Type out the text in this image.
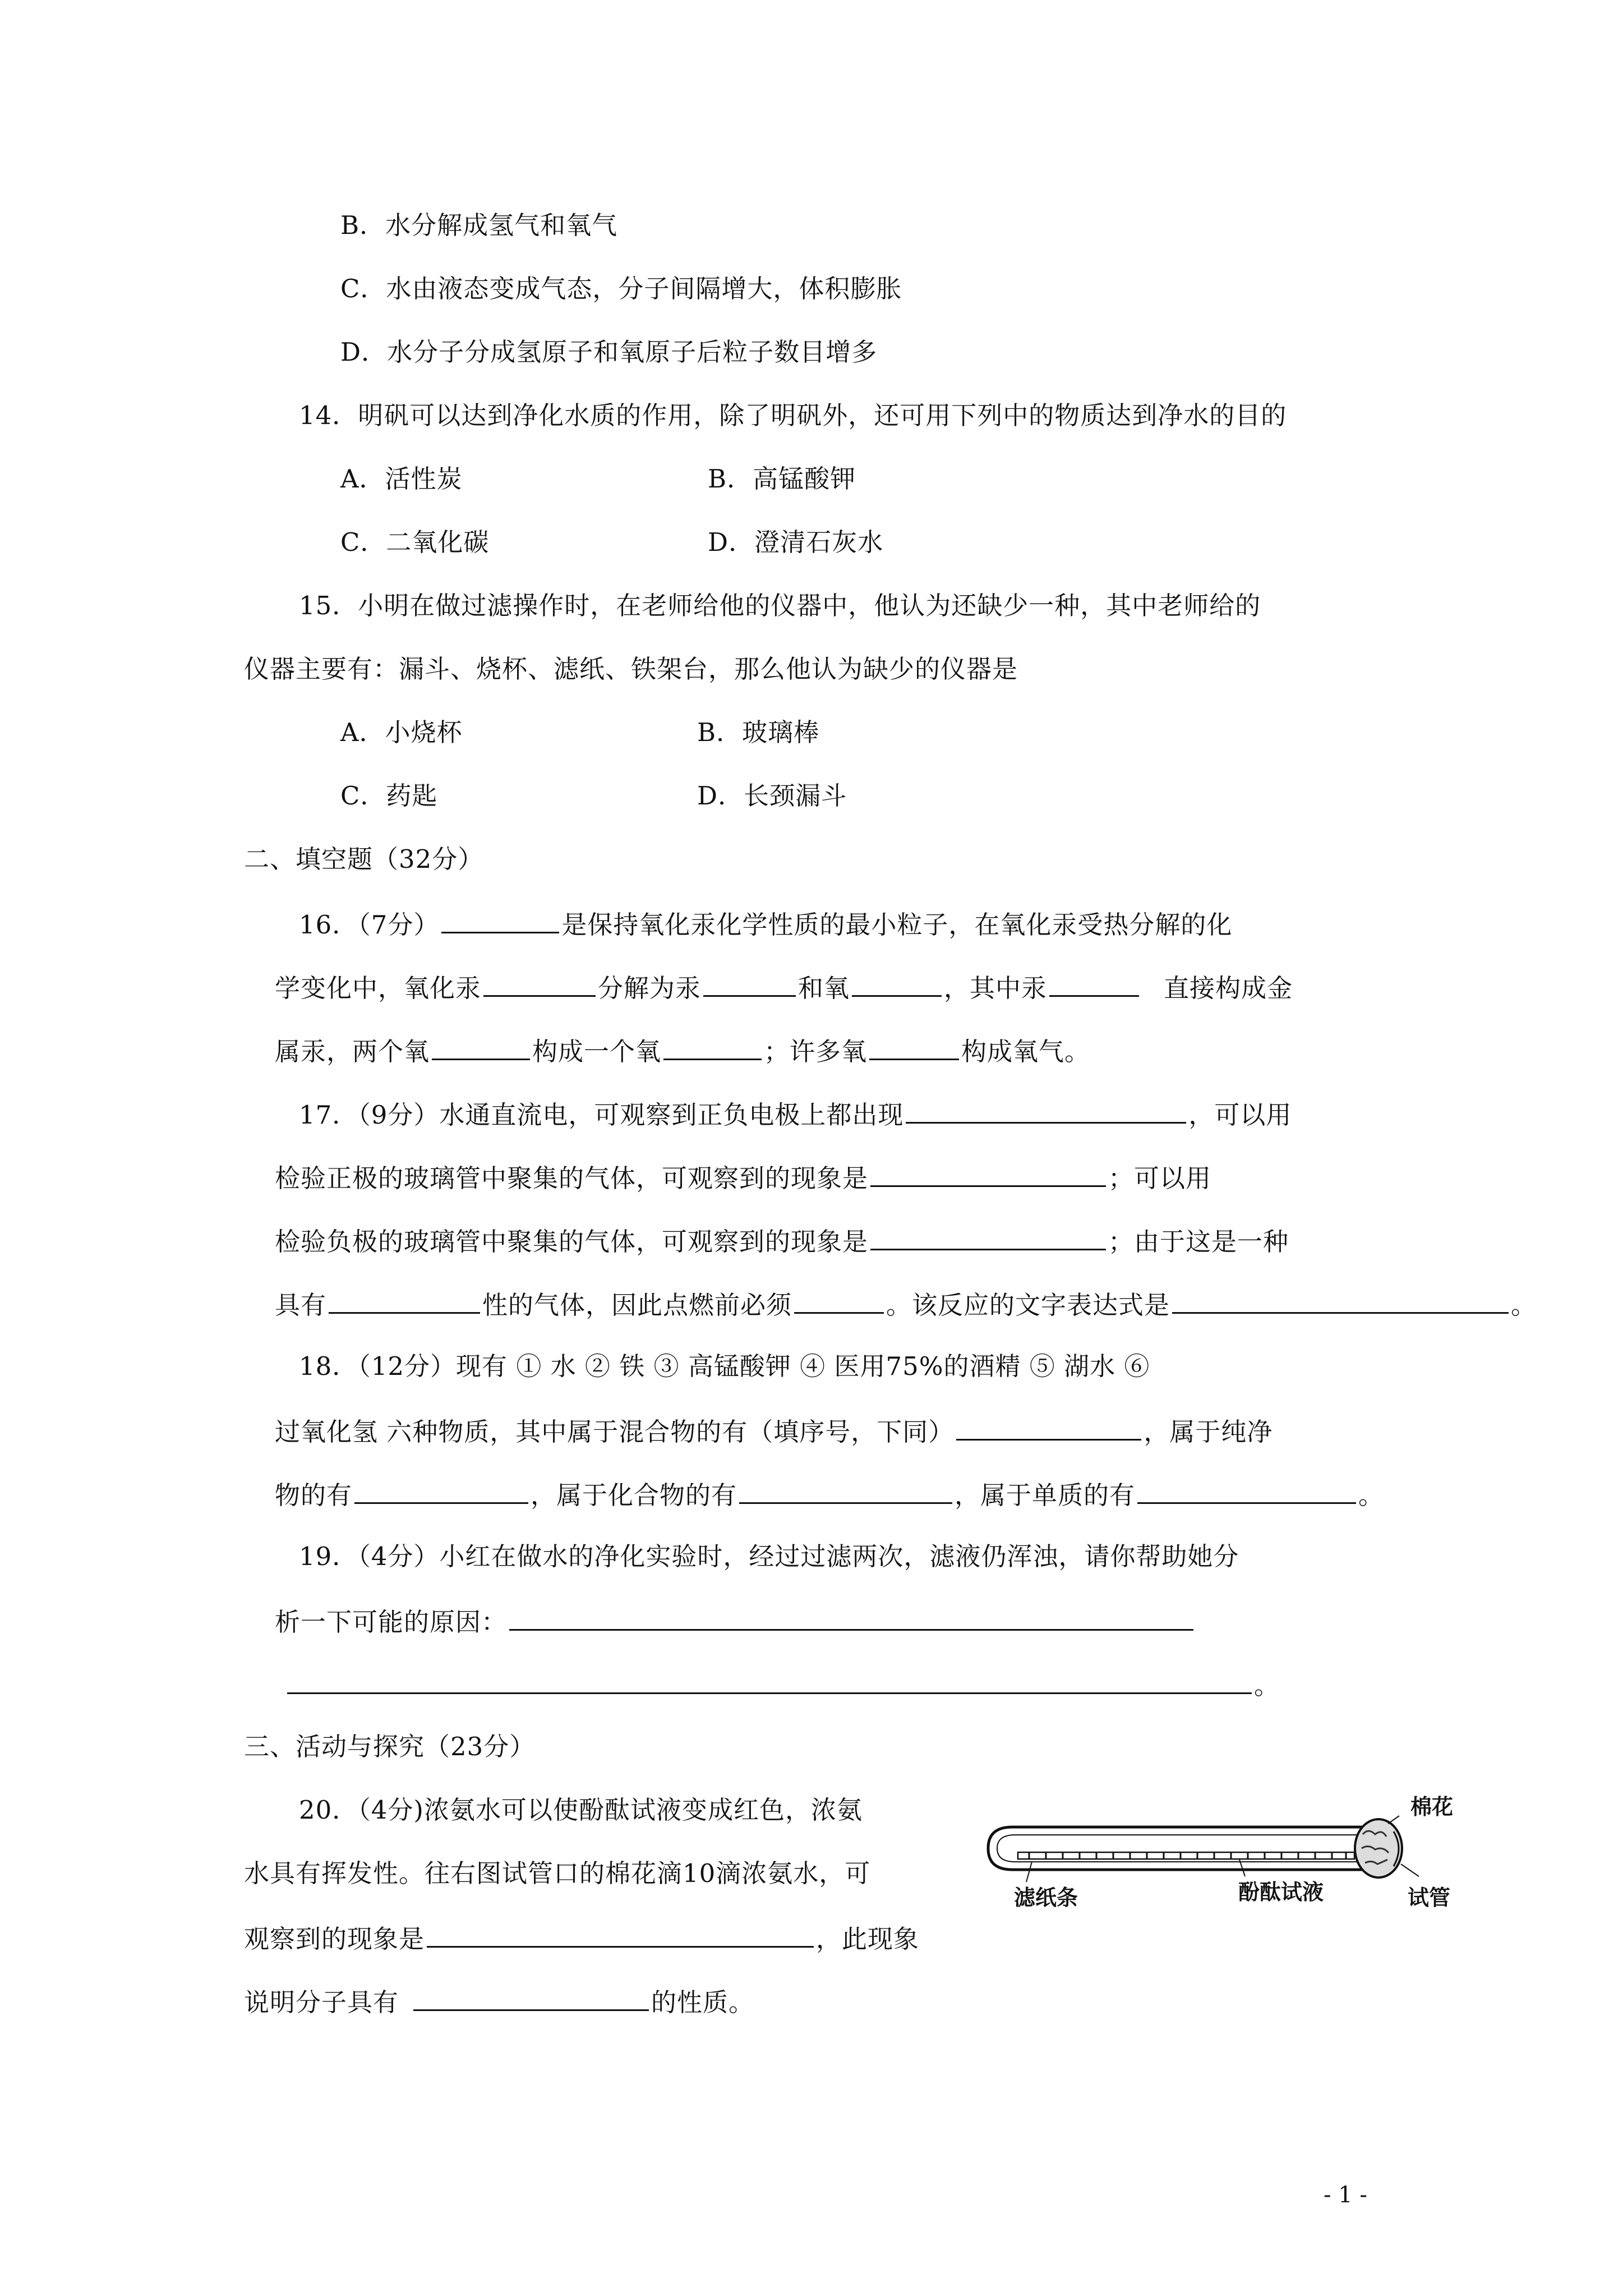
B．水分解成氢气和氧气
C．水由液态变成气态，分子间隔增大，体积膨胀
D．水分子分成氢原子和氧原子后粒子数目增多
14．明矾可以达到净化水质的作用，除了明矾外，还可用下列中的物质达到净水的目的
A．活性炭	B．高锰酸钾
C．二氧化碳	D．澄清石灰水
15．小明在做过滤操作时，在老师给他的仪器中，他认为还缺少一种，其中老师给的
仪器主要有：漏斗、烧杯、滤纸、铁架台，那么他认为缺少的仪器是
A．小烧杯	B．玻璃棒
C．药匙	D．长颈漏斗
二、填空题（32分）
16．（7分）	是保持氧化汞化学性质的最小粒子，在氧化汞受热分解的化
学变化中，氧化汞	分解为汞	和氧	，其中汞	直接构成金
属汞，两个氧	构成一个氧	；许多氧	构成氧气。
17．（9分）水通直流电，可观察到正负电极上都出现	，可以用
检验正极的玻璃管中聚集的气体，可观察到的现象是	；可以用
检验负极的玻璃管中聚集的气体，可观察到的现象是	；由于这是一种
具有	性的气体，因此点燃前必须	。该反应的文字表达式是	。
18．（12分）现有 ① 水 ② 铁 ③ 高锰酸钾 ④ 医用75%的酒精 ⑤ 湖水 ⑥
过氧化氢 六种物质，其中属于混合物的有（填序号，下同）	，属于纯净
物的有	，属于化合物的有	，属于单质的有	。
19．（4分）小红在做水的净化实验时，经过过滤两次，滤液仍浑浊，请你帮助她分
析一下可能的原因：
。
三、活动与探究（23分）
20．（4分)浓氨水可以使酚酞试液变成红色，浓氨
水具有挥发性。往右图试管口的棉花滴10滴浓氨水，可
观察到的现象是	，此现象
说明分子具有	的性质。
棉花
滤纸条	酚酞试液	试管
- 1 -
